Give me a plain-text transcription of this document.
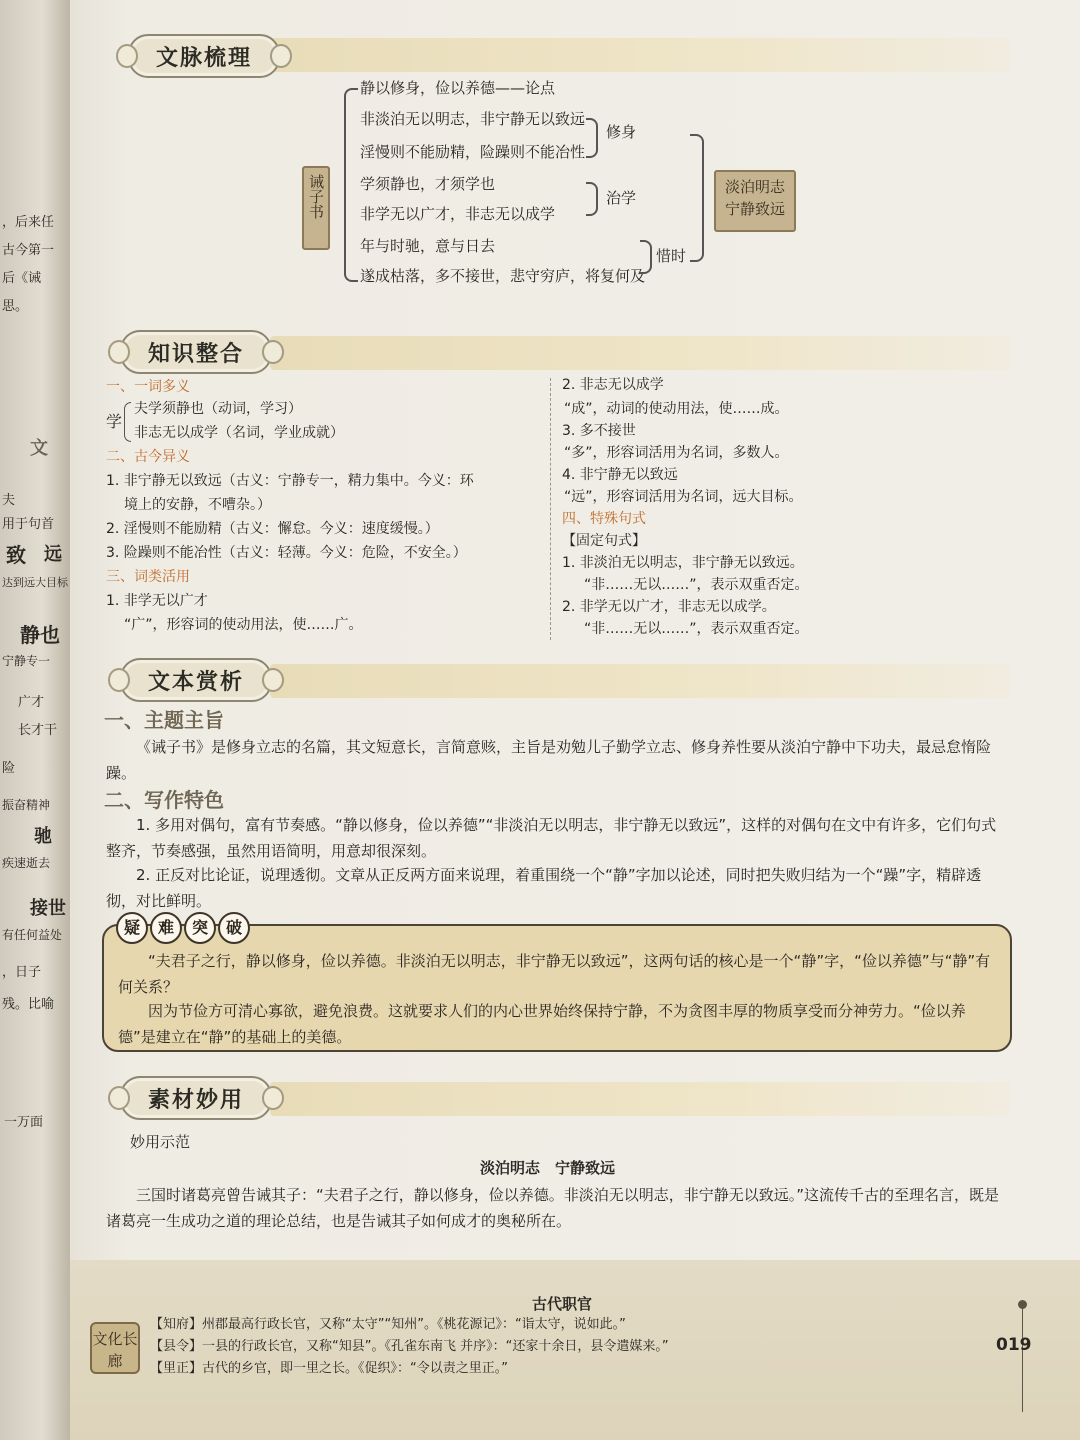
，后来任
古今第一
后《诫
思。
文
夫
用于句首
致 远
达到远大目标
静也
宁静专一
广才
长才干
险
振奋精神
驰
疾速逝去
接世
有任何益处
，日子
残。比喻
一万面
文脉梳理
诫子书
静以修身，俭以养德——论点
非淡泊无以明志，非宁静无以致远
淫慢则不能励精，险躁则不能冶性
学须静也，才须学也
非学无以广才，非志无以成学
年与时驰，意与日去
遂成枯落，多不接世，悲守穷庐，将复何及
修身
治学
惜时
淡泊明志 宁静致远
知识整合
一、一词多义
学
夫学须静也（动词，学习）
非志无以成学（名词，学业成就）
二、古今异义
1. 非宁静无以致远（古义：宁静专一，精力集中。今义：环
境上的安静，不嘈杂。）
2. 淫慢则不能励精（古义：懈怠。今义：速度缓慢。）
3. 险躁则不能冶性（古义：轻薄。今义：危险，不安全。）
三、词类活用
1. 非学无以广才
“广”，形容词的使动用法，使……广。
2. 非志无以成学
“成”，动词的使动用法，使……成。
3. 多不接世
“多”，形容词活用为名词，多数人。
4. 非宁静无以致远
“远”，形容词活用为名词，远大目标。
四、特殊句式
【固定句式】
1. 非淡泊无以明志，非宁静无以致远。
“非……无以……”，表示双重否定。
2. 非学无以广才，非志无以成学。
“非……无以……”，表示双重否定。
文本赏析
一、主题主旨
《诫子书》是修身立志的名篇，其文短意长，言简意赅，主旨是劝勉儿子勤学立志、修身养性要从淡泊宁静中下功夫，最忌怠惰险躁。
二、写作特色
1. 多用对偶句，富有节奏感。“静以修身，俭以养德”“非淡泊无以明志，非宁静无以致远”，这样的对偶句在文中有许多，它们句式整齐，节奏感强，虽然用语简明，用意却很深刻。
2. 正反对比论证，说理透彻。文章从正反两方面来说理，着重围绕一个“静”字加以论述，同时把失败归结为一个“躁”字，精辟透彻，对比鲜明。
疑	难	突	破
“夫君子之行，静以修身，俭以养德。非淡泊无以明志，非宁静无以致远”，这两句话的核心是一个“静”字，“俭以养德”与“静”有何关系？
因为节俭方可清心寡欲，避免浪费。这就要求人们的内心世界始终保持宁静，不为贪图丰厚的物质享受而分神劳力。“俭以养德”是建立在“静”的基础上的美德。
素材妙用
妙用示范
淡泊明志　宁静致远
三国时诸葛亮曾告诫其子：“夫君子之行，静以修身，俭以养德。非淡泊无以明志，非宁静无以致远。”这流传千古的至理名言，既是诸葛亮一生成功之道的理论总结，也是告诫其子如何成才的奥秘所在。
文化长廊
古代职官
【知府】州郡最高行政长官，又称“太守”“知州”。《桃花源记》：“诣太守，说如此。”
【县令】一县的行政长官，又称“知县”。《孔雀东南飞 并序》：“还家十余日，县令遣媒来。”
【里正】古代的乡官，即一里之长。《促织》：“令以责之里正。”
019
